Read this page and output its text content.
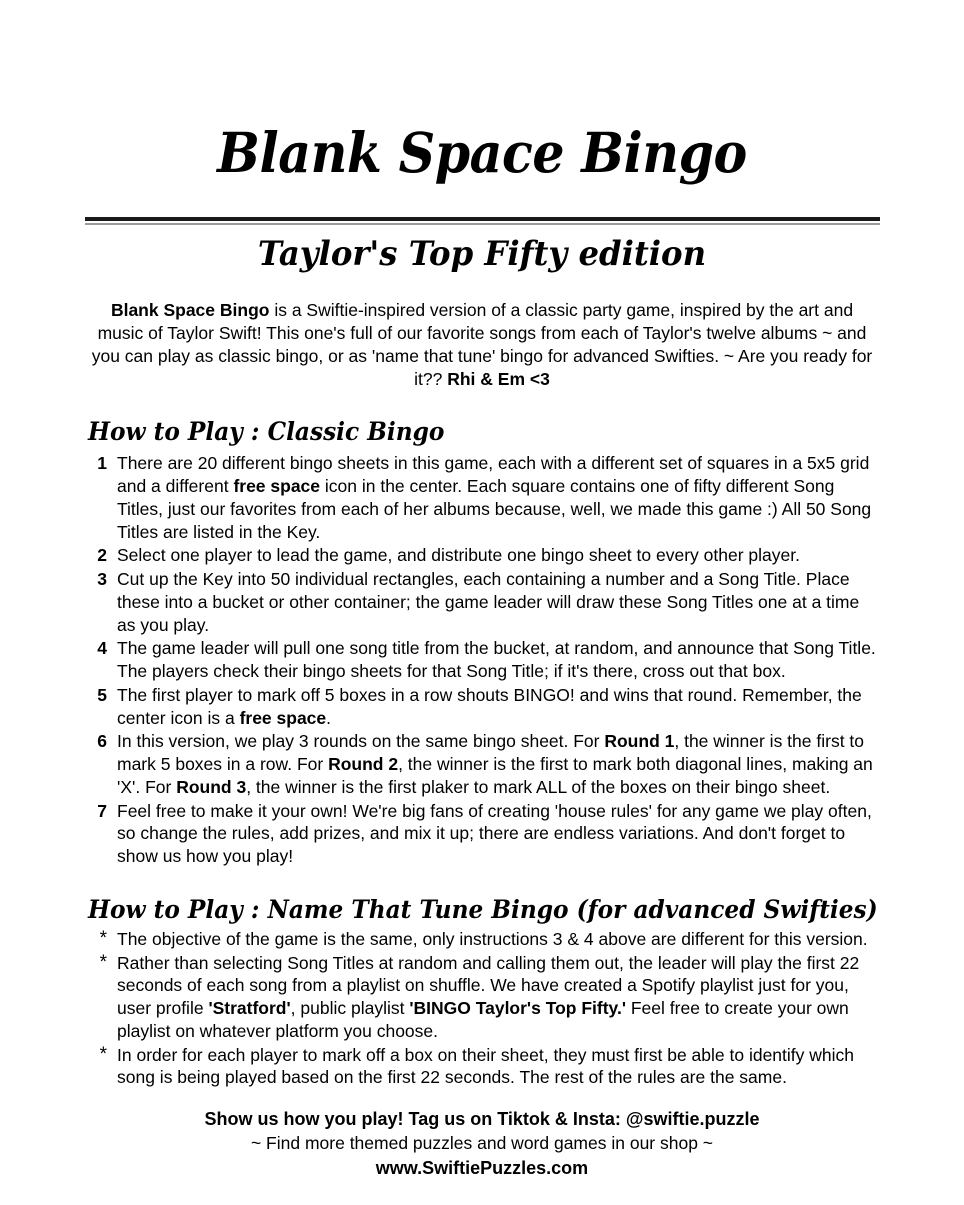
Blank Space Bingo
Taylor's Top Fifty edition

Blank Space Bingo is a Swiftie-inspired version of a classic party game, inspired by the art and music of Taylor Swift! This one's full of our favorite songs from each of Taylor's twelve albums ~ and you can play as classic bingo, or as 'name that tune' bingo for advanced Swifties. ~ Are you ready for it?? Rhi & Em <3

How to Play : Classic Bingo
1 There are 20 different bingo sheets in this game, each with a different set of squares in a 5x5 grid and a different free space icon in the center. Each square contains one of fifty different Song Titles, just our favorites from each of her albums because, well, we made this game :) All 50 Song Titles are listed in the Key.
2 Select one player to lead the game, and distribute one bingo sheet to every other player.
3 Cut up the Key into 50 individual rectangles, each containing a number and a Song Title. Place these into a bucket or other container; the game leader will draw these Song Titles one at a time as you play.
4 The game leader will pull one song title from the bucket, at random, and announce that Song Title. The players check their bingo sheets for that Song Title; if it's there, cross out that box.
5 The first player to mark off 5 boxes in a row shouts BINGO! and wins that round. Remember, the center icon is a free space.
6 In this version, we play 3 rounds on the same bingo sheet. For Round 1, the winner is the first to mark 5 boxes in a row. For Round 2, the winner is the first to mark both diagonal lines, making an 'X'. For Round 3, the winner is the first plaker to mark ALL of the boxes on their bingo sheet.
7 Feel free to make it your own! We're big fans of creating 'house rules' for any game we play often, so change the rules, add prizes, and mix it up; there are endless variations. And don't forget to show us how you play!
How to Play : Name That Tune Bingo (for advanced Swifties)
* The objective of the game is the same, only instructions 3 & 4 above are different for this version.
* Rather than selecting Song Titles at random and calling them out, the leader will play the first 22 seconds of each song from a playlist on shuffle. We have created a Spotify playlist just for you, user profile 'Stratford', public playlist 'BINGO Taylor's Top Fifty.' Feel free to create your own playlist on whatever platform you choose.
* In order for each player to mark off a box on their sheet, they must first be able to identify which song is being played based on the first 22 seconds. The rest of the rules are the same.
Show us how you play! Tag us on Tiktok & Insta: @swiftie.puzzle
~ Find more themed puzzles and word games in our shop ~
www.SwiftiePuzzles.com
